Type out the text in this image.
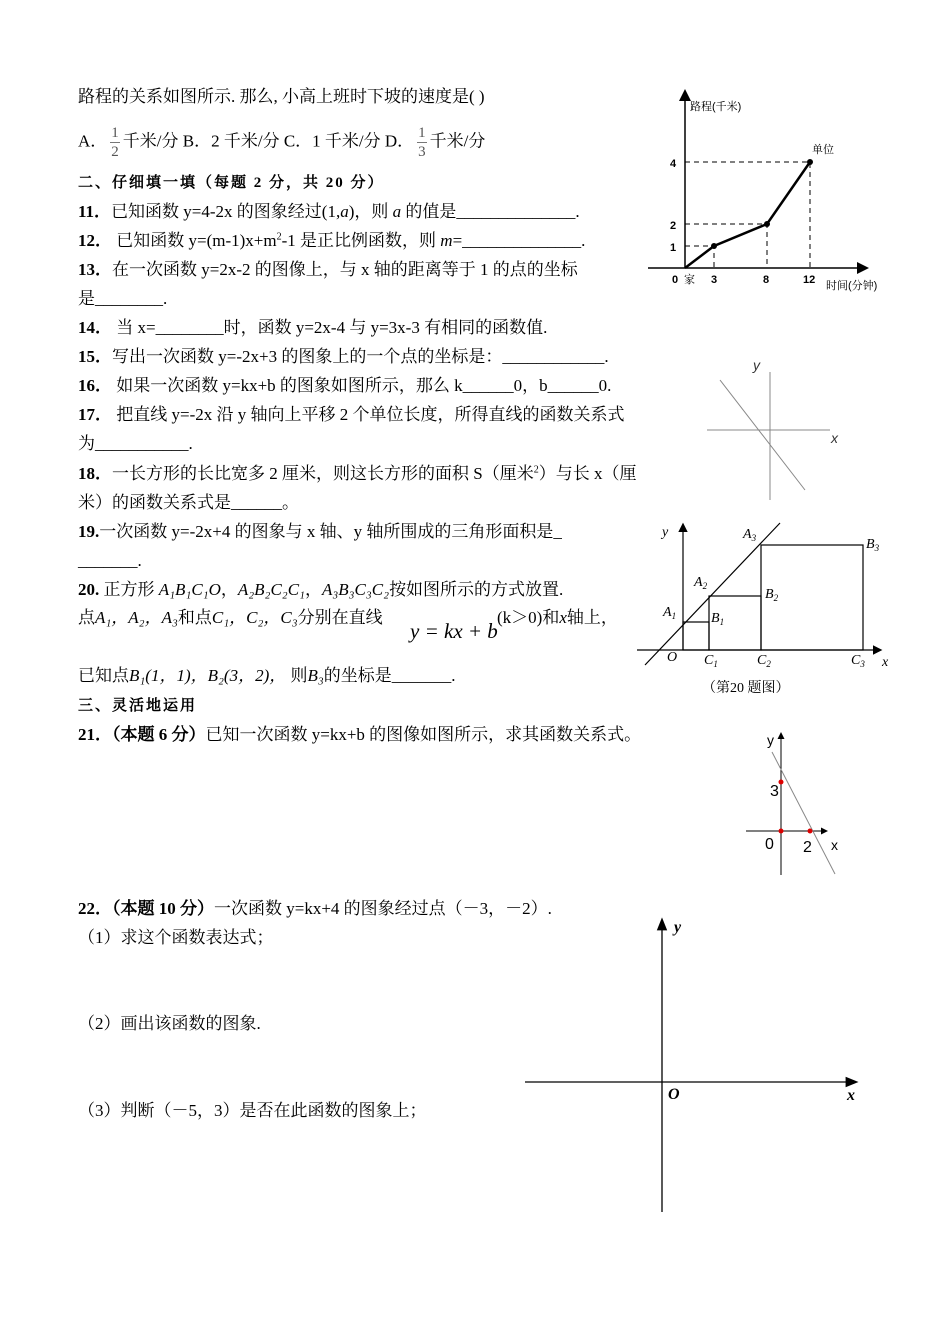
路程的关系如图所示. 那么, 小高上班时下坡的速度是( )
A． $\frac{1}{2}$ 千米/分 B．2 千米/分 C．1 千米/分 D． $\frac{1}{3}$ 千米/分
二、仔细填一填（每题 2 分，共 20 分）
11．已知函数 y=4-2x 的图象经过(1,a)，则 a 的值是______________.
12． 已知函数 $y=(m-1)x+m^2-1$ 是正比例函数，则 m=______________.
13．在一次函数 y=2x-2 的图像上，与 x 轴的距离等于 1 的点的坐标
是________.
14． 当 x=________时，函数 y=2x-4 与 y=3x-3 有相同的函数值.
15．写出一次函数 y=-2x+3 的图象上的一个点的坐标是：____________.
16． 如果一次函数 y=kx+b 的图象如图所示，那么 k______0，b______0.
17． 把直线 y=-2x 沿 y 轴向上平移 2 个单位长度，所得直线的函数关系式
为___________.
18．一长方形的长比宽多 2 厘米，则这长方形的面积 S（厘米$^2$）与长 x（厘
米）的函数关系式是______。
19.一次函数 y=-2x+4 的图象与 x 轴、y 轴所围成的三角形面积是_
_______.
20. 正方形 A₁B₁C₁O，A₂B₂C₂C₁，A₃B₃C₃C₂按如图所示的方式放置.
点A₁，A₂，A₃和点C₁，C₂，C₃分别在直线
y = kx + b
(k＞0)和x轴上，
已知点B₁(1，1)，B₂(3，2)， 则B₃的坐标是_______.
三、灵活地运用
21．（本题 6 分）已知一次函数 y=kx+b 的图像如图所示，求其函数关系式。
22．（本题 10 分）一次函数 y=kx+4 的图象经过点（－3，－2）.
（1）求这个函数表达式；
（2）画出该函数的图象.
（3）判断（－5，3）是否在此函数的图象上；
路程(千米)
时间(分钟)
单位
0 家
1
2
4
3	8	12
y
x
y
x
O
$A_1$
$A_2$
$A_3$
$B_1$
$B_2$
$B_3$
$C_1$	$C_2$	$C_3$
（第20 题图）
y
x
3
0 2
y
x
O
